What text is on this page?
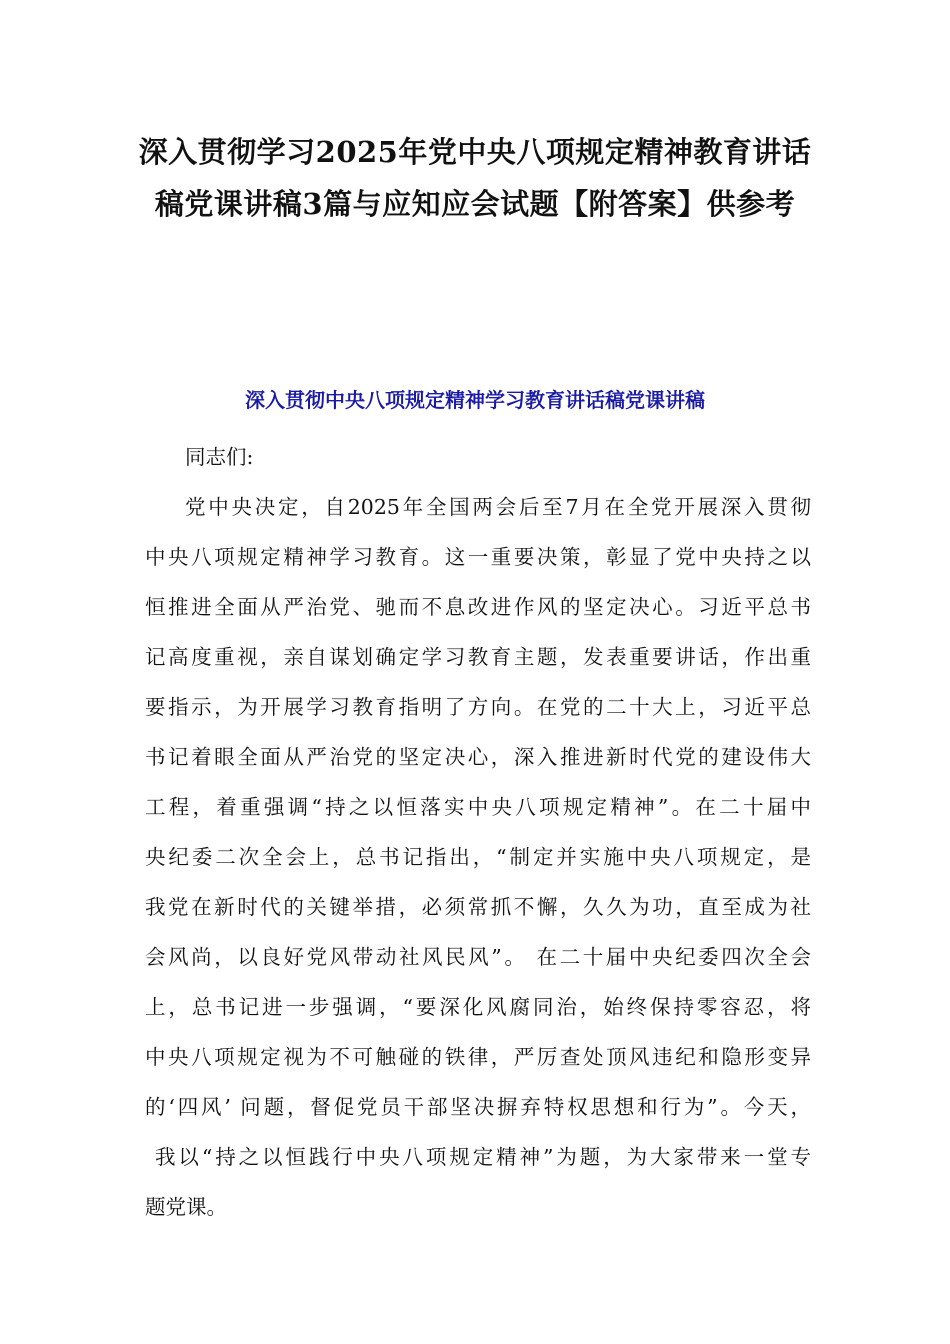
深入贯彻学习2025年党中央八项规定精神教育讲话
稿党课讲稿3篇与应知应会试题【附答案】供参考
深入贯彻中央八项规定精神学习教育讲话稿党课讲稿
同志们:
党中央决定，自2025年全国两会后至7月在全党开展深入贯彻
中央八项规定精神学习教育。这一重要决策，彰显了党中央持之以
恒推进全面从严治党、驰而不息改进作风的坚定决心。习近平总书
记高度重视，亲自谋划确定学习教育主题，发表重要讲话，作出重
要指示，为开展学习教育指明了方向。在党的二十大上，习近平总
书记着眼全面从严治党的坚定决心，深入推进新时代党的建设伟大
工程，着重强调“持之以恒落实中央八项规定精神”。在二十届中
央纪委二次全会上，总书记指出，“制定并实施中央八项规定，是
我党在新时代的关键举措，必须常抓不懈，久久为功，直至成为社
会风尚，以良好党风带动社风民风”。 在二十届中央纪委四次全会
上，总书记进一步强调，“要深化风腐同治，始终保持零容忍，将
中央八项规定视为不可触碰的铁律，严厉查处顶风违纪和隐形变异
的‘四风’ 问题，督促党员干部坚决摒弃特权思想和行为”。今天，
我以“持之以恒践行中央八项规定精神”为题，为大家带来一堂专
题党课。
